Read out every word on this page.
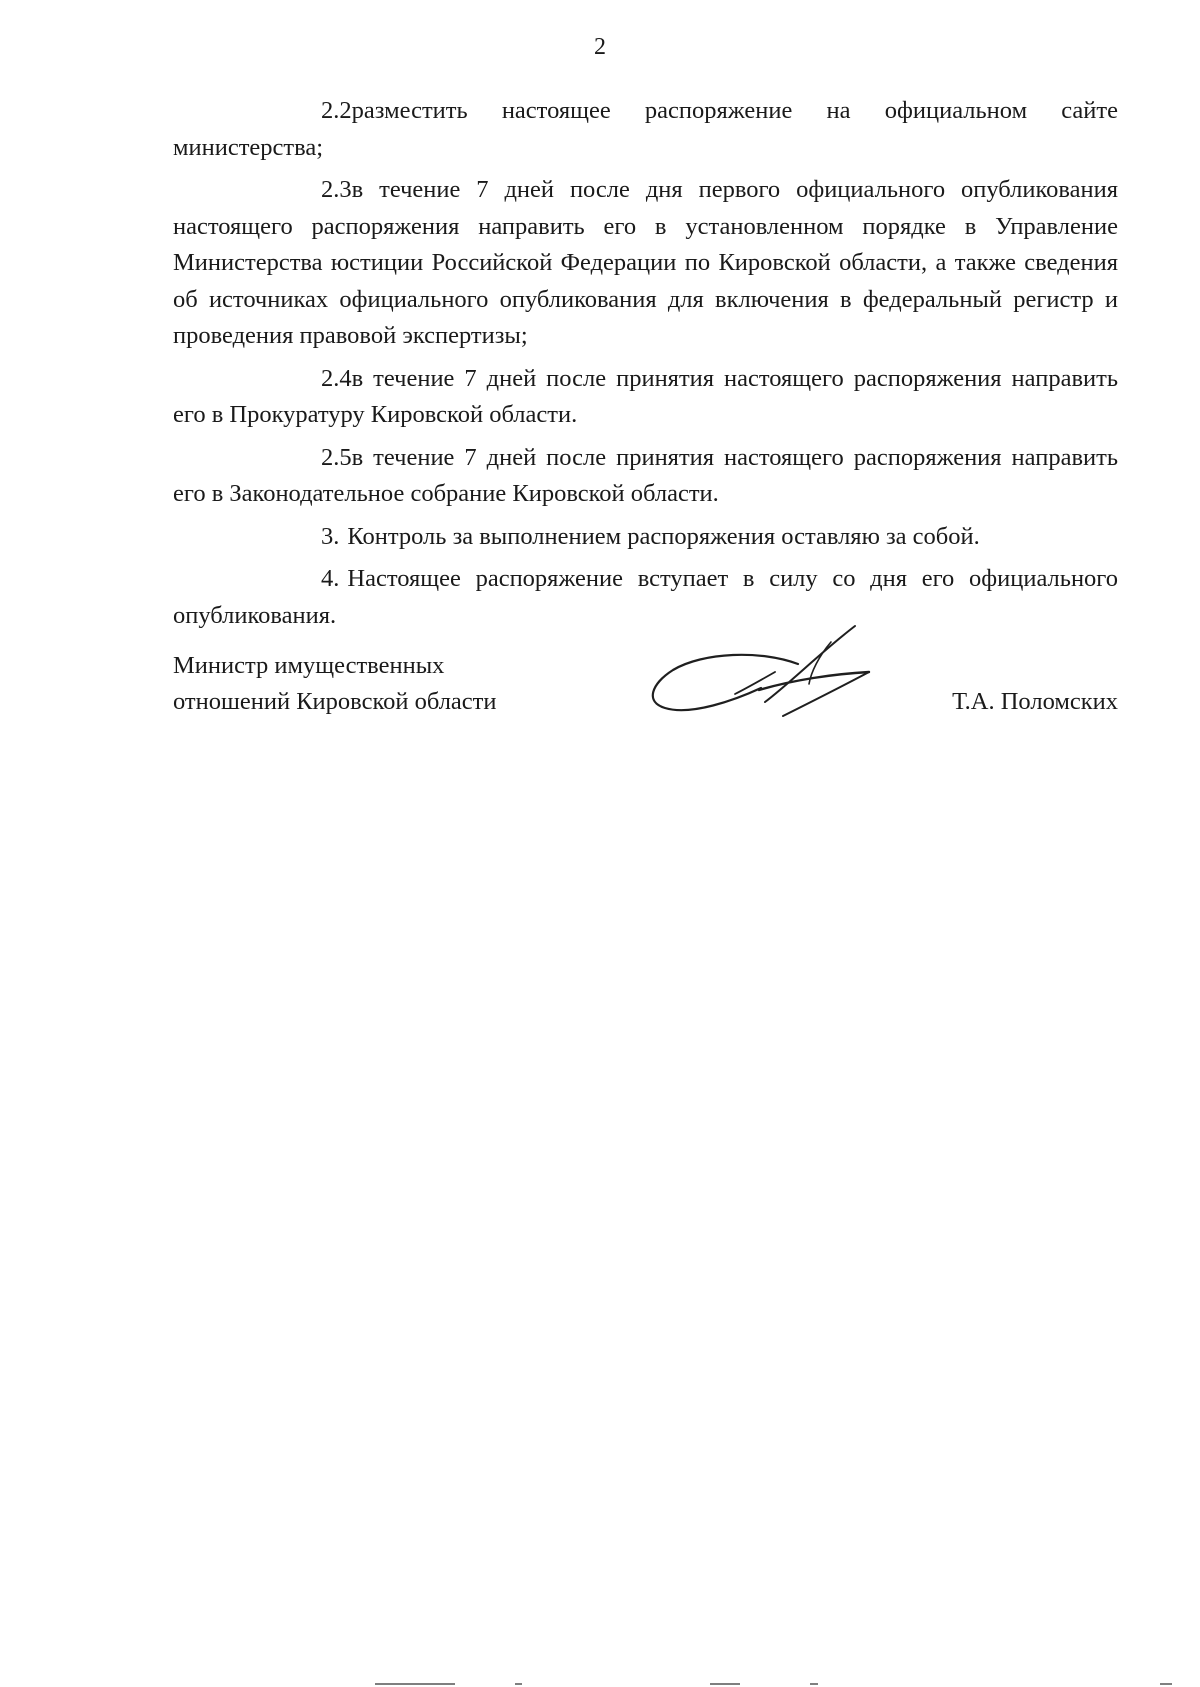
2

2.2разместить настоящее распоряжение на официальном сайте министерства;

2.3в течение 7 дней после дня первого официального опубликования настоящего распоряжения направить его в установленном порядке в Управление Министерства юстиции Российской Федерации по Кировской области, а также сведения об источниках официального опубликования для включения в федеральный регистр и проведения правовой экспертизы;

2.4в течение 7 дней после принятия настоящего распоряжения направить его в Прокуратуру Кировской области.

2.5в течение 7 дней после принятия настоящего распоряжения направить его в Законодательное собрание Кировской области.

3. Контроль за выполнением распоряжения оставляю за собой.

4. Настоящее распоряжение вступает в силу со дня его официального опубликования.

Министр имущественных
отношений Кировской области	Т.А. Поломских
